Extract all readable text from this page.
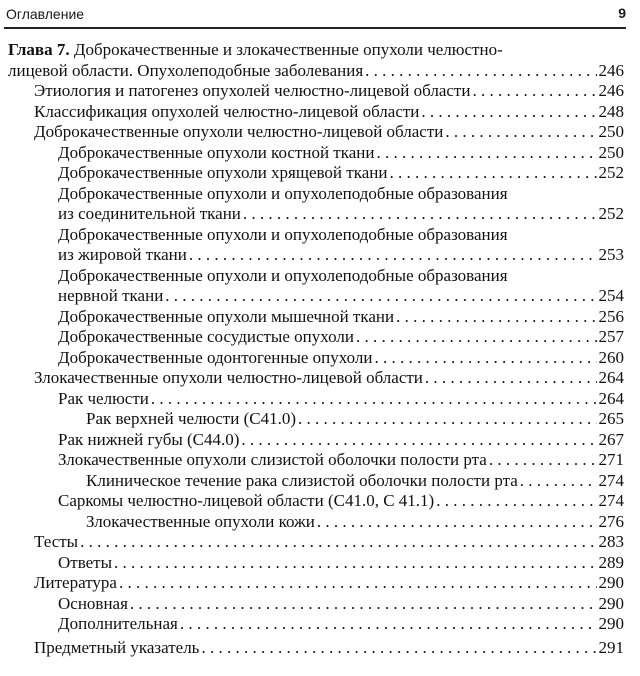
Оглавление	9
Глава 7. Доброкачественные и злокачественные опухоли челюстно-
лицевой области. Опухолеподобные заболевания . . .	246
Этиология и патогенез опухолей челюстно-лицевой области . . .	246
Классификация опухолей челюстно-лицевой области . . .	248
Доброкачественные опухоли челюстно-лицевой области . . .	250
Доброкачественные опухоли костной ткани . . .	250
Доброкачественные опухоли хрящевой ткани . . .	252
Доброкачественные опухоли и опухолеподобные образования
из соединительной ткани . . .	252
Доброкачественные опухоли и опухолеподобные образования
из жировой ткани . . .	253
Доброкачественные опухоли и опухолеподобные образования
нервной ткани . . .	254
Доброкачественные опухоли мышечной ткани . . .	256
Доброкачественные сосудистые опухоли . . .	257
Доброкачественные одонтогенные опухоли . . .	260
Злокачественные опухоли челюстно-лицевой области . . .	264
Рак челюсти . . .	264
Рак верхней челюсти (С41.0) . . .	265
Рак нижней губы (С44.0) . . .	267
Злокачественные опухоли слизистой оболочки полости рта . . .	271
Клиническое течение рака слизистой оболочки полости рта . . .	274
Саркомы челюстно-лицевой области (С41.0, С 41.1) . . .	274
Злокачественные опухоли кожи . . .	276
Тесты . . .	283
Ответы . . .	289
Литература . . .	290
Основная . . .	290
Дополнительная . . .	290
Предметный указатель . . .	291
